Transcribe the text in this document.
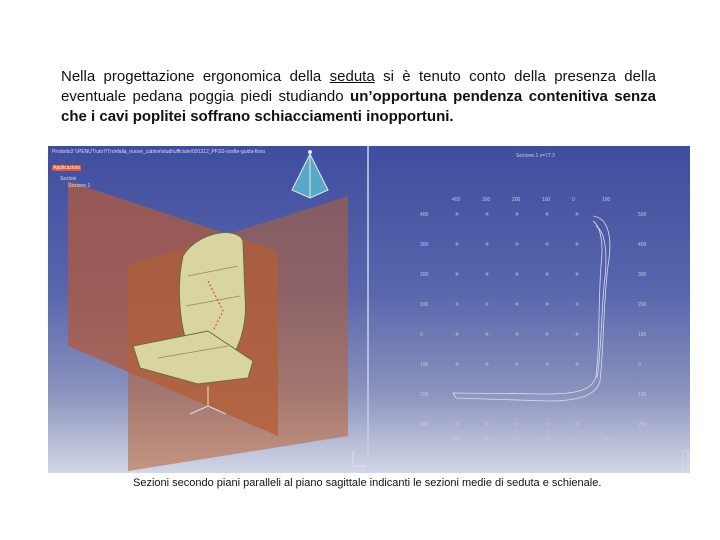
Nella progettazione ergonomica della seduta si è tenuto conto della presenza della eventuale pedana poggia piedi studiando un’opportuna pendenza contenitiva senza che i cavi poplitei soffrano schiacciamenti inopportuni.
400	300	200	100	0	100
500
400
300
200
100
0
100
200
400
300
200
100
0
100
200
300
400	300	200	100	0	100
Prodotto2 \\PENUT\uto7\Tronfalla_nuove_cabine\studi\ufficiale\091312_PFSS-scelte-guida-fisso
Applicazioni
Sezioni
Sezione.1
Sezione.1 x=77.3
Sezioni secondo piani paralleli al piano sagittale indicanti le sezioni medie di seduta e schienale.
